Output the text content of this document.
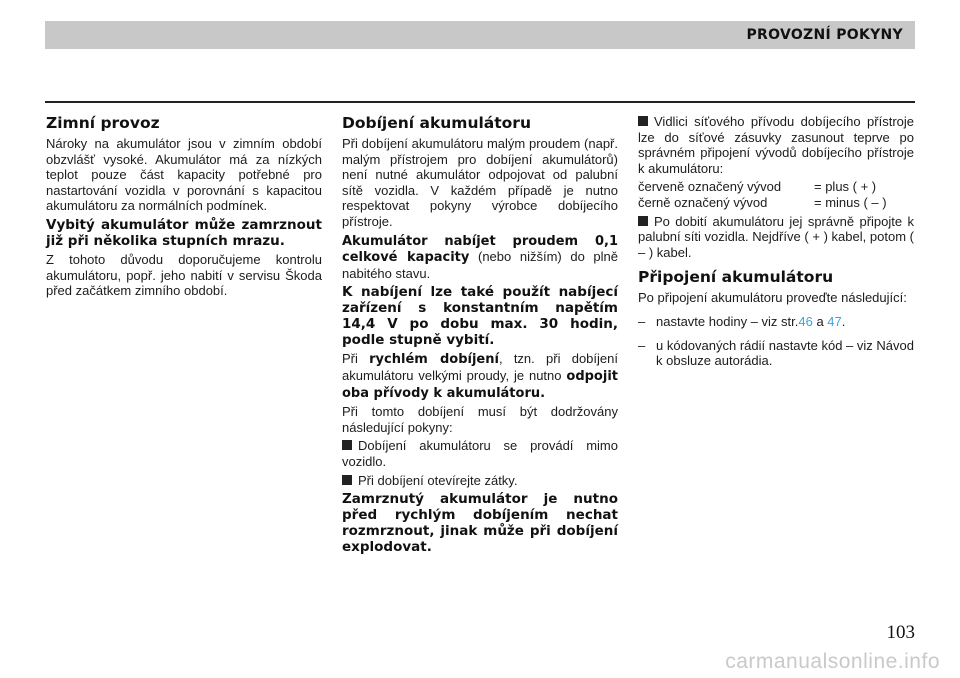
PROVOZNÍ POKYNY
Zimní provoz

Nároky na akumulátor jsou v zimním období obzvlášť vysoké. Akumulátor má za nízkých teplot pouze část kapacity potřebné pro nastartování vozidla v porovnání s kapacitou akumulátoru za normálních podmínek.

Vybitý akumulátor může zamrznout již při několika stupních mrazu.

Z tohoto důvodu doporučujeme kontrolu akumulátoru, popř. jeho nabití v servisu Škoda před začátkem zimního období.

Dobíjení akumulátoru

Při dobíjení akumulátoru malým proudem (např. malým přístrojem pro dobíjení akumulátorů) není nutné akumulátor odpojovat od palubní sítě vozidla. V každém případě je nutno respektovat pokyny výrobce dobíjecího přístroje.

Akumulátor nabíjet proudem 0,1 celkové kapacity (nebo nižším) do plně nabitého stavu.

K nabíjení lze také použít nabíjecí zařízení s konstantním napětím 14,4 V po dobu max. 30 hodin, podle stupně vybití.

Při rychlém dobíjení, tzn. při dobíjení akumulátoru velkými proudy, je nutno odpojit oba přívody k akumulátoru.

Při tomto dobíjení musí být dodržovány následující pokyny:

Dobíjení akumulátoru se provádí mimo vozidlo.

Při dobíjení otevírejte zátky.

Zamrznutý akumulátor je nutno před rychlým dobíjením nechat rozmrznout, jinak může při dobíjení explodovat.

Vidlici síťového přívodu dobíjecího přístroje lze do síťové zásuvky zasunout teprve po správném připojení vývodů dobíjecího přístroje k akumulátoru:

červeně označený vývod	= plus ( + )
černě označený vývod	= minus ( – )

Po dobití akumulátoru jej správně připojte k palubní síti vozidla. Nejdříve ( + ) kabel, potom ( – ) kabel.

Připojení akumulátoru

Po připojení akumulátoru proveďte následující:

– nastavte hodiny – viz str.46 a 47.
– u kódovaných rádií nastavte kód – viz Návod k obsluze autorádia.
103
carmanualsonline.info
